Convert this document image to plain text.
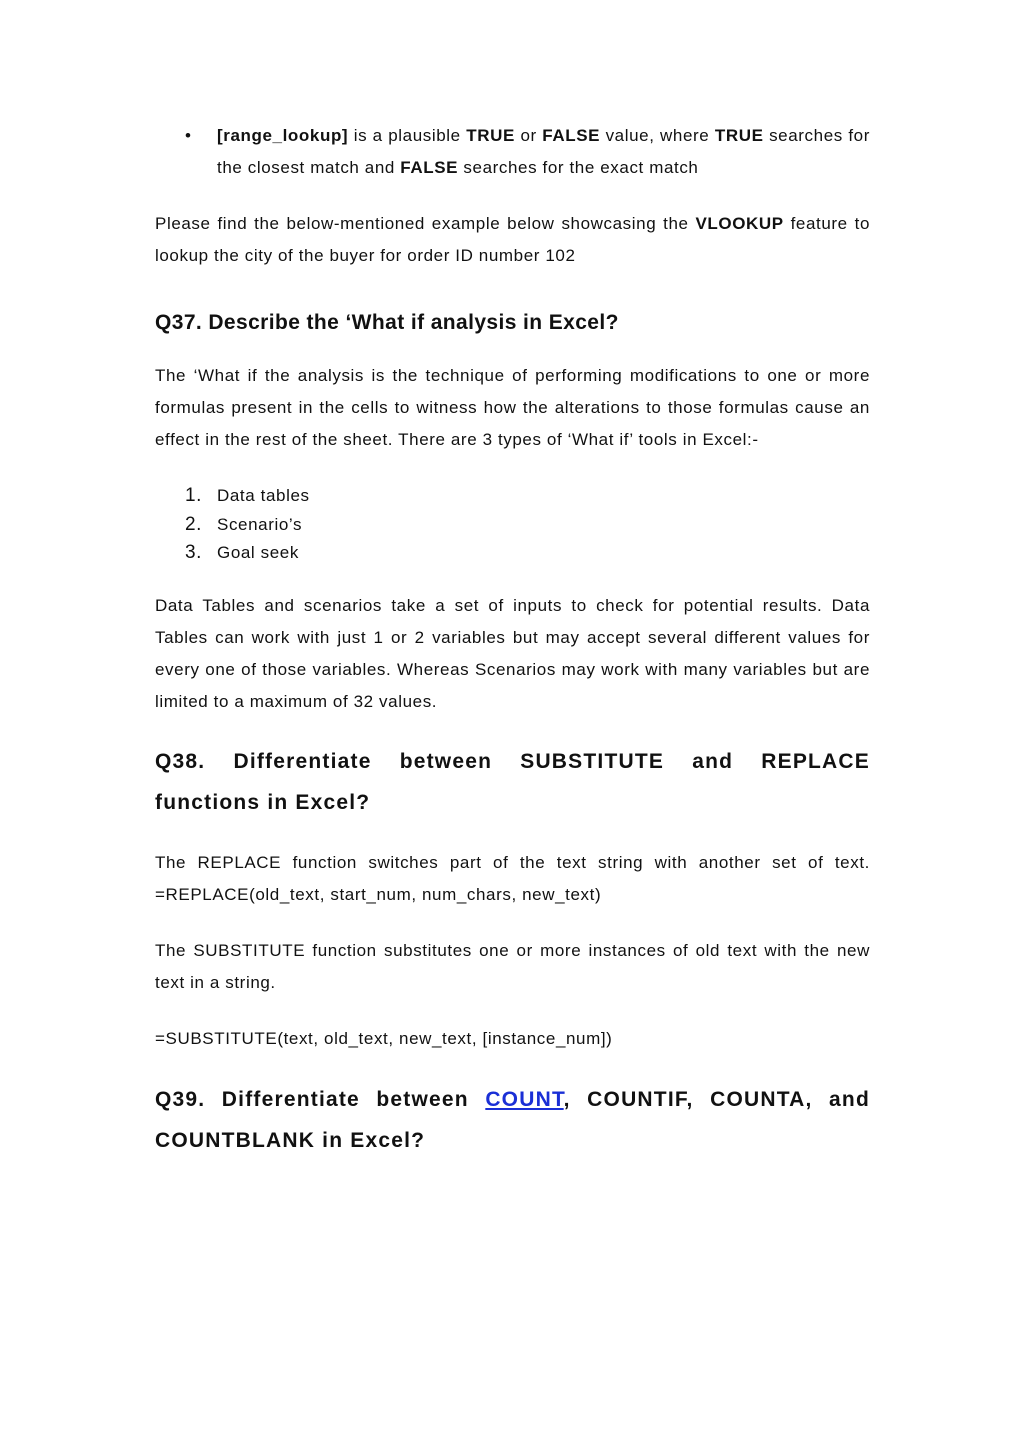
• [range_lookup] is a plausible TRUE or FALSE value, where TRUE searches for the closest match and FALSE searches for the exact match

Please find the below-mentioned example below showcasing the VLOOKUP feature to lookup the city of the buyer for order ID number 102

Q37. Describe the ‘What if analysis in Excel?

The ‘What if the analysis is the technique of performing modifications to one or more formulas present in the cells to witness how the alterations to those formulas cause an effect in the rest of the sheet. There are 3 types of ‘What if’ tools in Excel:-

1. Data tables
2. Scenario’s
3. Goal seek

Data Tables and scenarios take a set of inputs to check for potential results. Data Tables can work with just 1 or 2 variables but may accept several different values for every one of those variables. Whereas Scenarios may work with many variables but are limited to a maximum of 32 values.

Q38. Differentiate between SUBSTITUTE and REPLACE functions in Excel?

The REPLACE function switches part of the text string with another set of text. =REPLACE(old_text, start_num, num_chars, new_text)

The SUBSTITUTE function substitutes one or more instances of old text with the new text in a string.

=SUBSTITUTE(text, old_text, new_text, [instance_num])

Q39. Differentiate between COUNT, COUNTIF, COUNTA, and COUNTBLANK in Excel?
